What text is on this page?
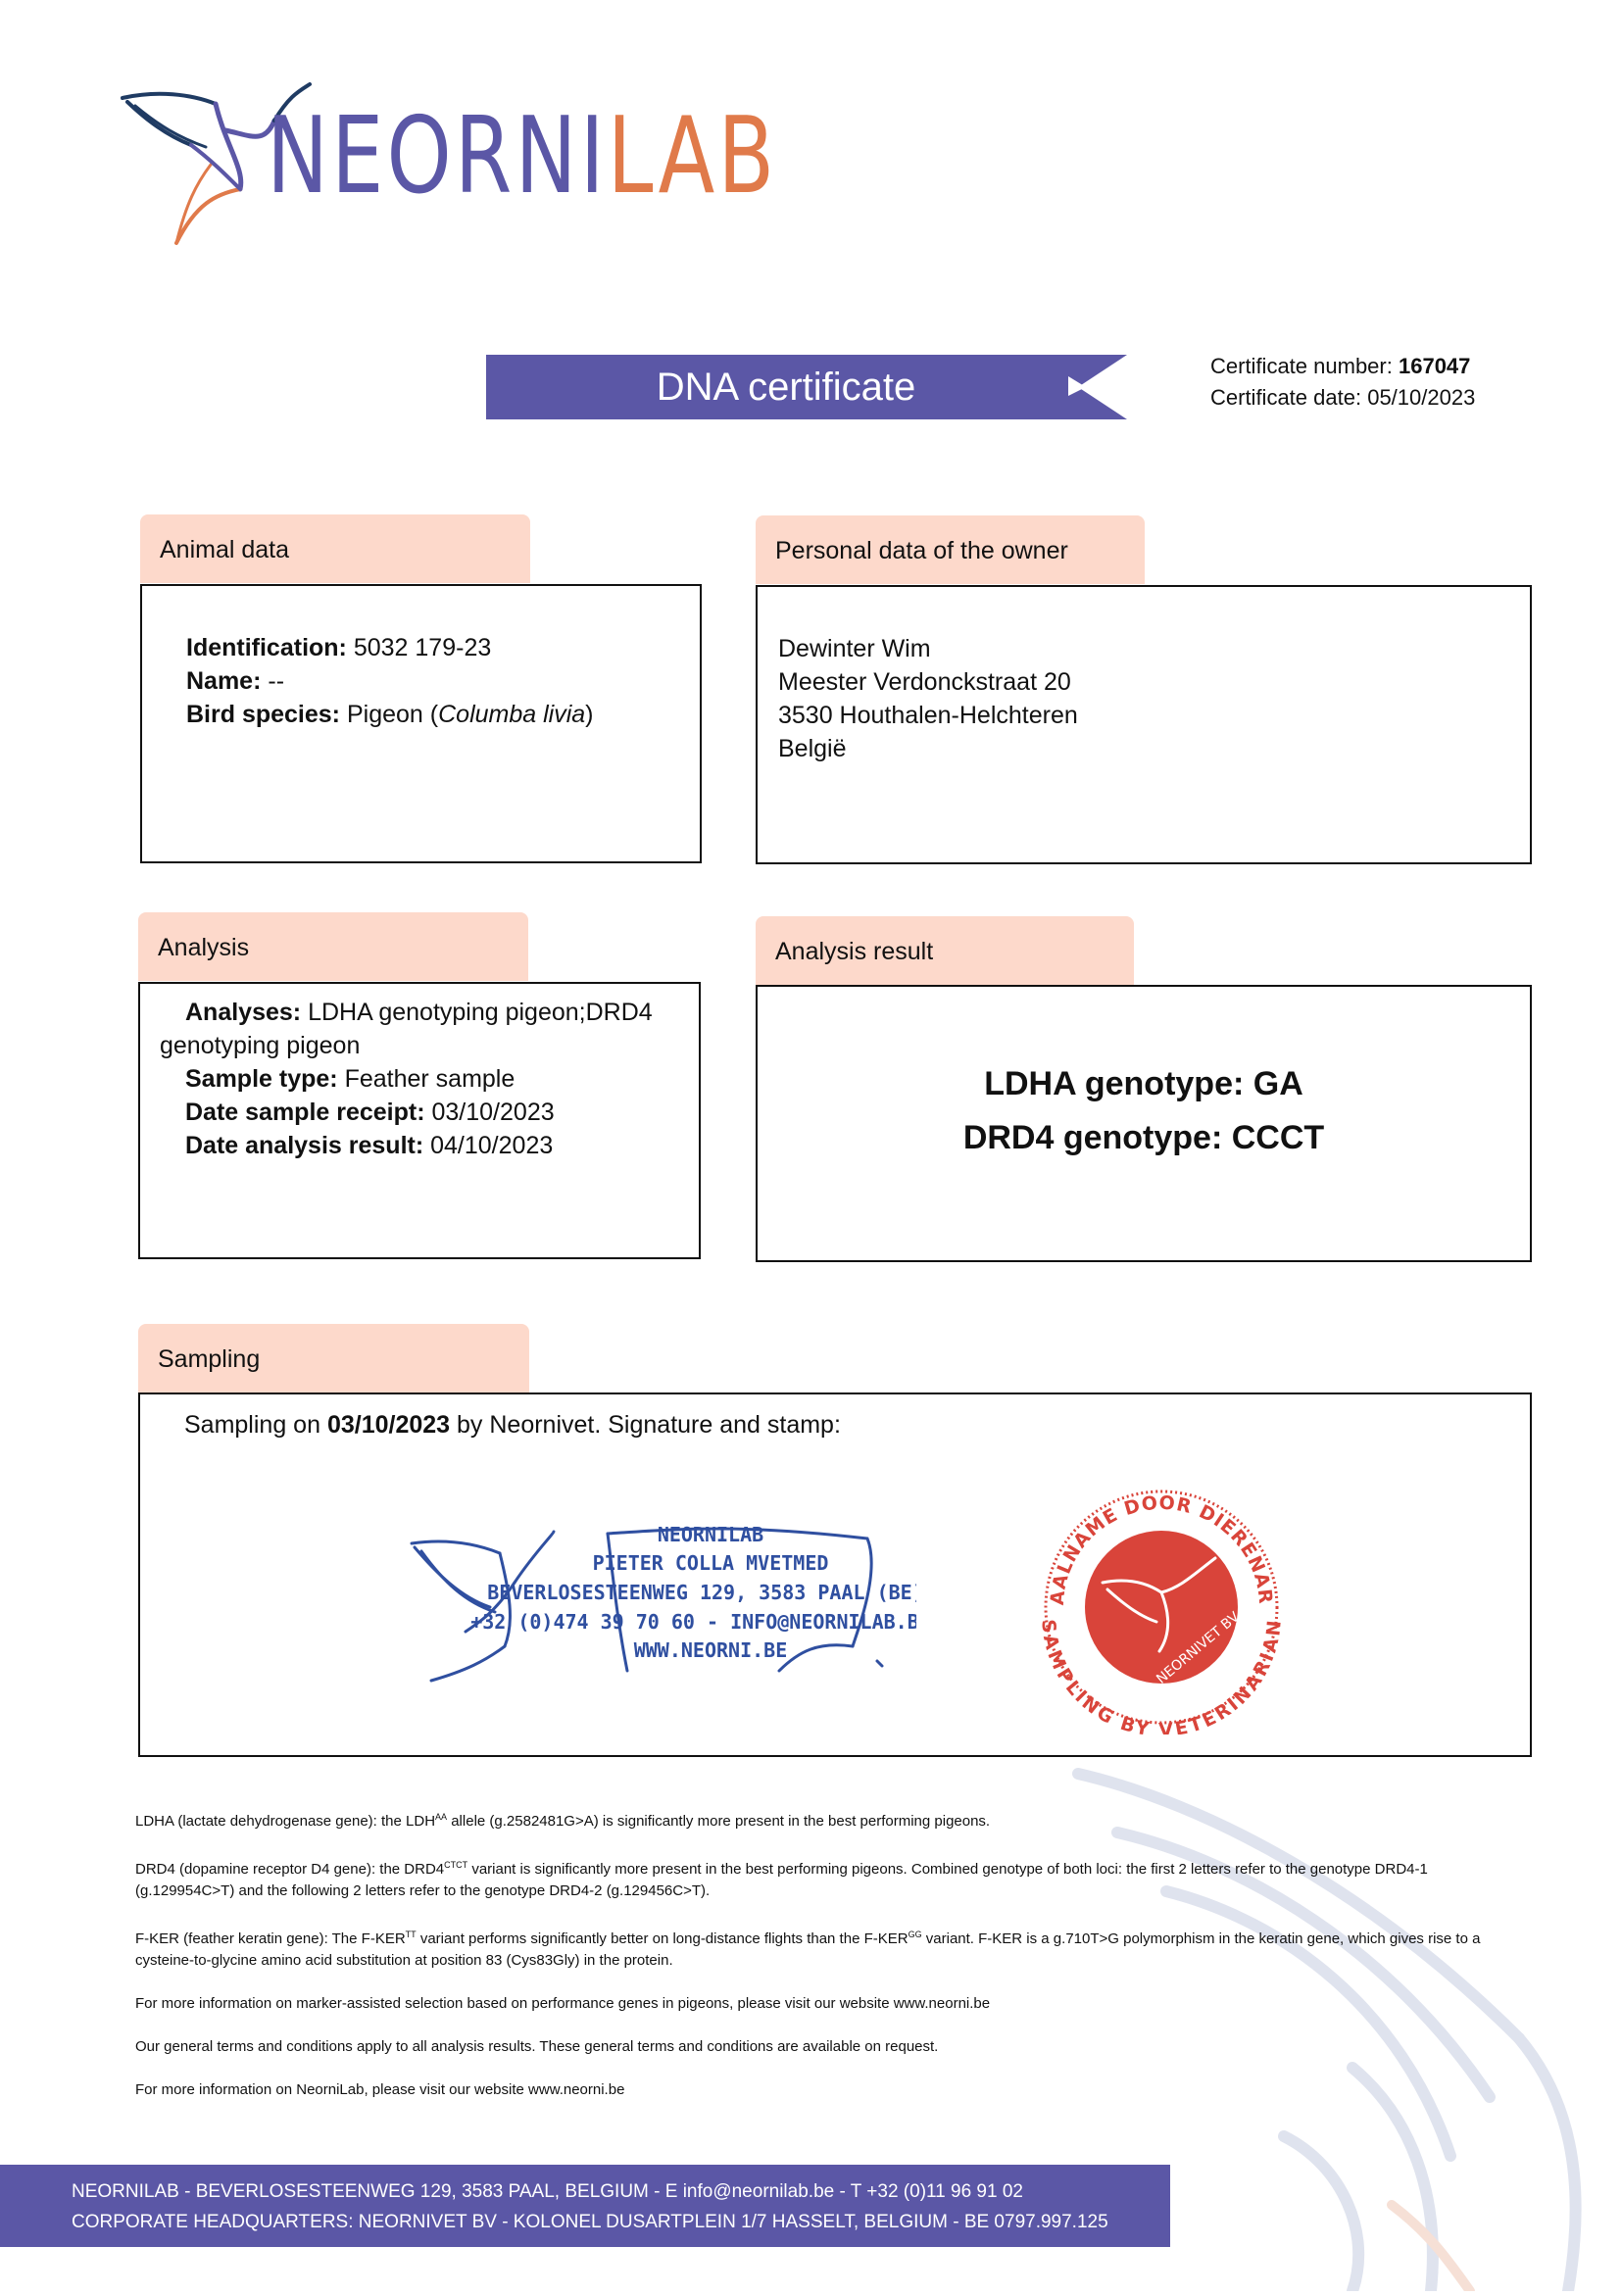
NEORNILAB
DNA certificate	Certificate number: 167047
Certificate date: 05/10/2023
Animal data
Identification: 5032 179-23
Name: --
Bird species: Pigeon (Columba livia)
Personal data of the owner
Dewinter Wim
Meester Verdonckstraat 20
3530 Houthalen-Helchteren
België
Analysis
Analyses: LDHA genotyping pigeon;DRD4
genotyping pigeon
Sample type: Feather sample
Date sample receipt: 03/10/2023
Date analysis result: 04/10/2023
Analysis result
LDHA genotype: GA
DRD4 genotype: CCCT
Sampling
Sampling on 03/10/2023 by Neornivet. Signature and stamp:
NEORNILAB
PIETER COLLA MVETMED
BEVERLOSESTEENWEG 129, 3583 PAAL (BE)
+32 (0)474 39 70 60 - INFO@NEORNILAB.BE
WWW.NEORNI.BE
AALNAME DOOR DIERENAR
SAMPLING BY VETERINARIAN
NEORNIVET BV

LDHA (lactate dehydrogenase gene): the $LDH^{AA}$ allele (g.2582481G>A) is significantly more present in the best performing pigeons.

DRD4 (dopamine receptor D4 gene): the $DRD4^{CTCT}$ variant is significantly more present in the best performing pigeons. Combined genotype of both loci: the first 2 letters refer to the genotype DRD4-1 (g.129954C>T) and the following 2 letters refer to the genotype DRD4-2 (g.129456C>T).

F-KER (feather keratin gene): The $F-KER^{TT}$ variant performs significantly better on long-distance flights than the $F-KER^{GG}$ variant. F-KER is a g.710T>G polymorphism in the keratin gene, which gives rise to a cysteine-to-glycine amino acid substitution at position 83 (Cys83Gly) in the protein.

For more information on marker-assisted selection based on performance genes in pigeons, please visit our website www.neorni.be

Our general terms and conditions apply to all analysis results. These general terms and conditions are available on request.

For more information on NeorniLab, please visit our website www.neorni.be

NEORNILAB - BEVERLOSESTEENWEG 129, 3583 PAAL, BELGIUM - E info@neornilab.be - T +32 (0)11 96 91 02
CORPORATE HEADQUARTERS: NEORNIVET BV - KOLONEL DUSARTPLEIN 1/7 HASSELT, BELGIUM - BE 0797.997.125
